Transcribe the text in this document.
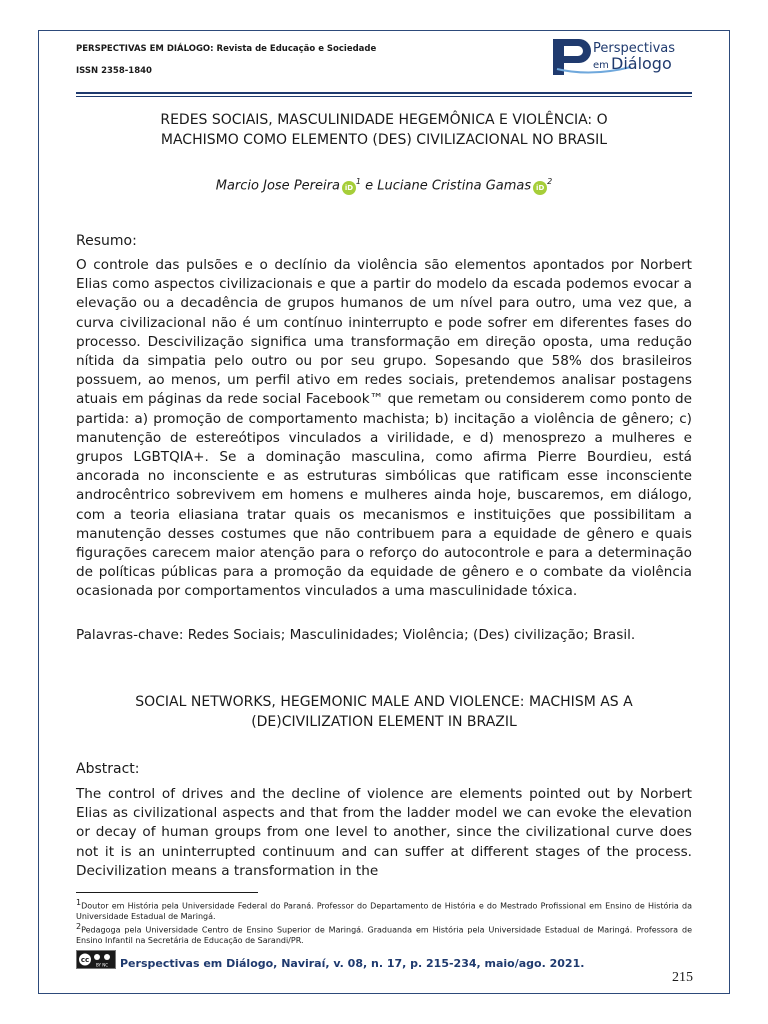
PERSPECTIVAS EM DIÁLOGO: Revista de Educação e Sociedade
ISSN 2358-1840
Perspectivas
em Diálogo
REDES SOCIAIS, MASCULINIDADE HEGEMÔNICA E VIOLÊNCIA: O
MACHISMO COMO ELEMENTO (DES) CIVILIZACIONAL NO BRASIL
Marcio Jose Pereira $iD^1$ e Luciane Cristina Gamas $iD^2$
Resumo:
O controle das pulsões e o declínio da violência são elementos apontados por Norbert Elias como aspectos civilizacionais e que a partir do modelo da escada podemos evocar a elevação ou a decadência de grupos humanos de um nível para outro, uma vez que, a curva civilizacional não é um contínuo ininterrupto e pode sofrer em diferentes fases do processo. Descivilização significa uma transformação em direção oposta, uma redução nítida da simpatia pelo outro ou por seu grupo. Sopesando que 58% dos brasileiros possuem, ao menos, um perfil ativo em redes sociais, pretendemos analisar postagens atuais em páginas da rede social Facebook™ que remetam ou considerem como ponto de partida: a) promoção de comportamento machista; b) incitação a violência de gênero; c) manutenção de estereótipos vinculados a virilidade, e d) menosprezo a mulheres e grupos LGBTQIA+. Se a dominação masculina, como afirma Pierre Bourdieu, está ancorada no inconsciente e as estruturas simbólicas que ratificam esse inconsciente androcêntrico sobrevivem em homens e mulheres ainda hoje, buscaremos, em diálogo, com a teoria eliasiana tratar quais os mecanismos e instituições que possibilitam a manutenção desses costumes que não contribuem para a equidade de gênero e quais figurações carecem maior atenção para o reforço do autocontrole e para a determinação de políticas públicas para a promoção da equidade de gênero e o combate da violência ocasionada por comportamentos vinculados a uma masculinidade tóxica.
Palavras-chave: Redes Sociais; Masculinidades; Violência; (Des) civilização; Brasil.
SOCIAL NETWORKS, HEGEMONIC MALE AND VIOLENCE: MACHISM AS A
(DE)CIVILIZATION ELEMENT IN BRAZIL
Abstract:
The control of drives and the decline of violence are elements pointed out by Norbert Elias as civilizational aspects and that from the ladder model we can evoke the elevation or decay of human groups from one level to another, since the civilizational curve does not it is an uninterrupted continuum and can suffer at different stages of the process. Decivilization means a transformation in the
1Doutor em História pela Universidade Federal do Paraná. Professor do Departamento de História e do Mestrado Profissional em Ensino de História da Universidade Estadual de Maringá.
2Pedagoga pela Universidade Centro de Ensino Superior de Maringá. Graduanda em História pela Universidade Estadual de Maringá. Professora de Ensino Infantil na Secretária de Educação de Sarandi/PR.
cc
BY NC Perspectivas em Diálogo, Naviraí, v. 08, n. 17, p. 215-234, maio/ago. 2021.
215
